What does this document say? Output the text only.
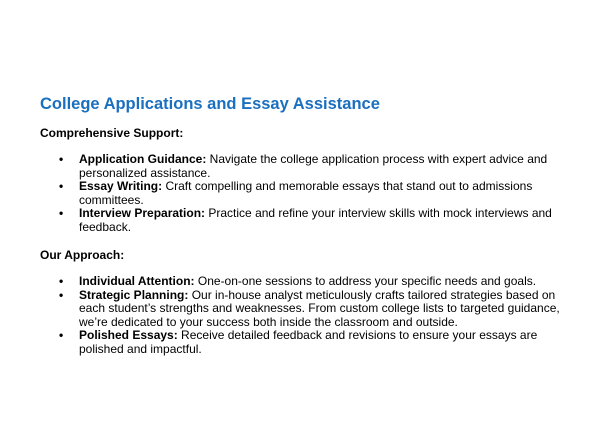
College Applications and Essay Assistance
Comprehensive Support:
• Application Guidance: Navigate the college application process with expert advice and personalized assistance.
• Essay Writing: Craft compelling and memorable essays that stand out to admissions committees.
• Interview Preparation: Practice and refine your interview skills with mock interviews and feedback.
Our Approach:
• Individual Attention: One-on-one sessions to address your specific needs and goals.
• Strategic Planning: Our in-house analyst meticulously crafts tailored strategies based on each student’s strengths and weaknesses. From custom college lists to targeted guidance, we’re dedicated to your success both inside the classroom and outside.
• Polished Essays: Receive detailed feedback and revisions to ensure your essays are polished and impactful.
